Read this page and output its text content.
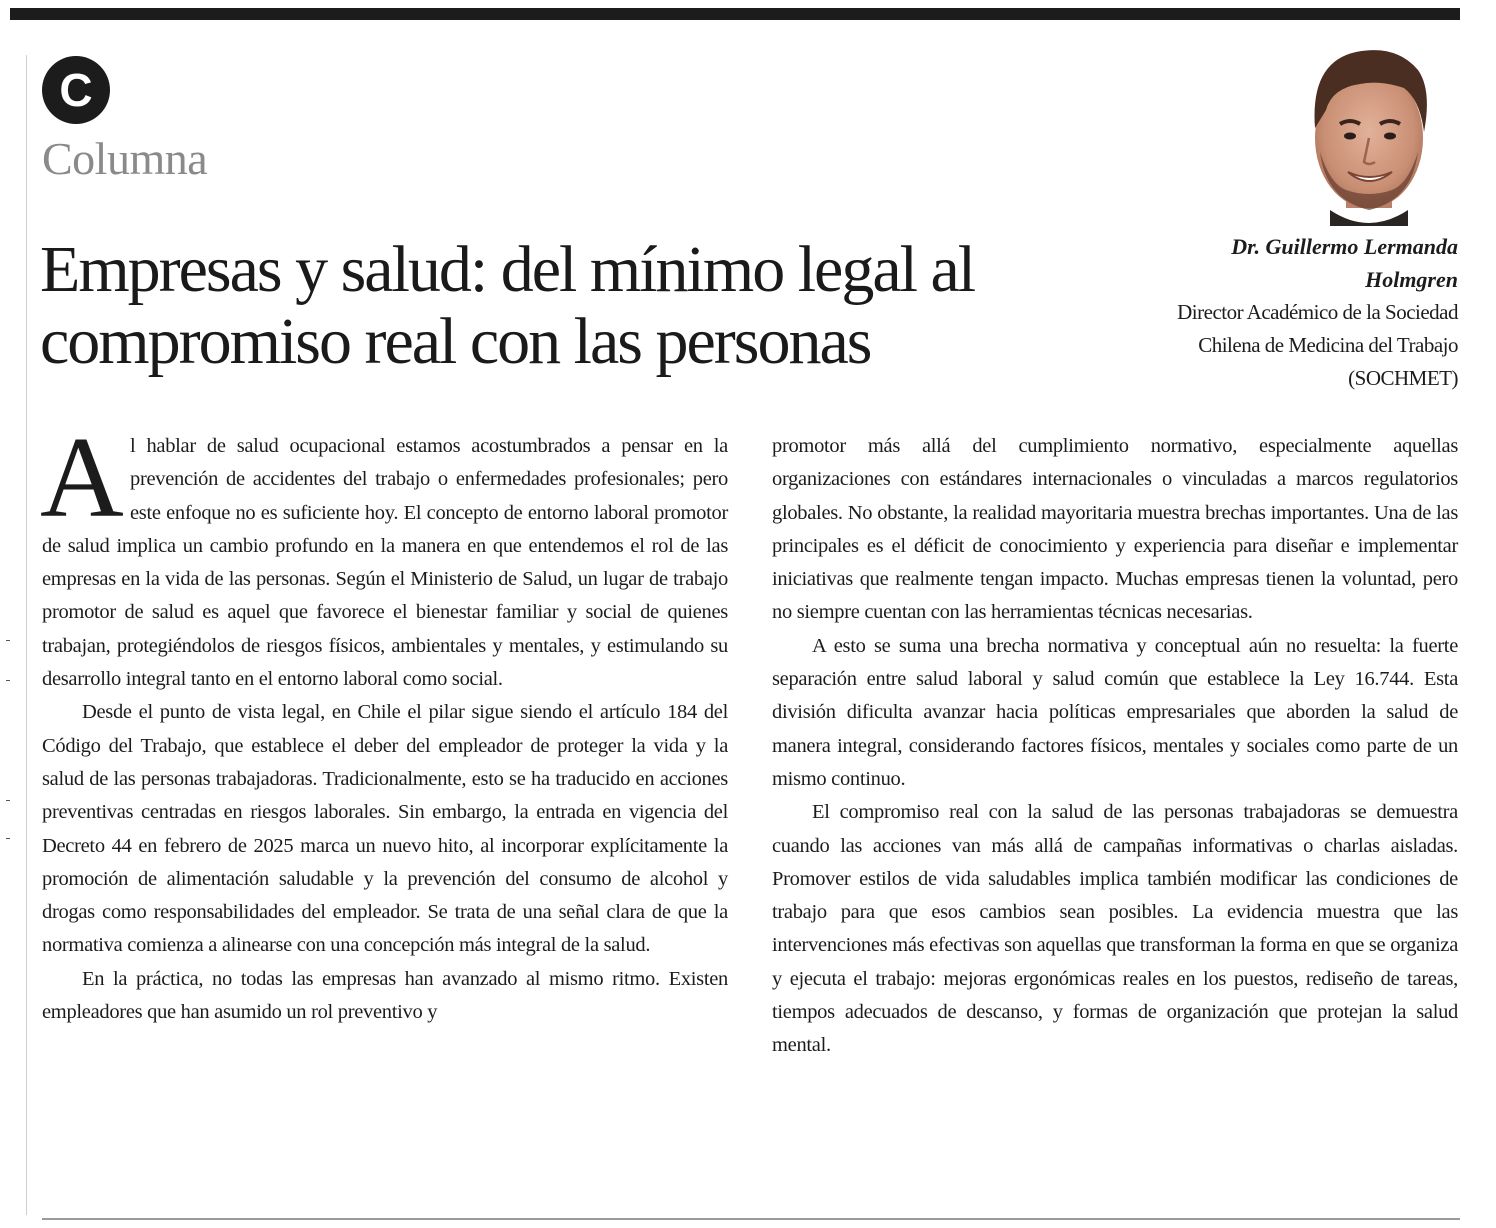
C
Columna
Empresas y salud: del mínimo legal al
compromiso real con las personas
Dr. Guillermo Lermanda
Holmgren
Director Académico de la Sociedad
Chilena de Medicina del Trabajo
(SOCHMET)

Al hablar de salud ocupacional estamos acostumbrados a pensar en la prevención de accidentes del trabajo o enfermedades profesionales; pero este enfoque no es suficiente hoy. El concepto de entorno laboral promotor de salud implica un cambio profundo en la manera en que entendemos el rol de las empresas en la vida de las personas. Según el Ministerio de Salud, un lugar de trabajo promotor de salud es aquel que favorece el bienestar familiar y social de quienes trabajan, protegiéndolos de riesgos físicos, ambientales y mentales, y estimulando su desarrollo integral tanto en el entorno laboral como social.

Desde el punto de vista legal, en Chile el pilar sigue siendo el artículo 184 del Código del Trabajo, que establece el deber del empleador de proteger la vida y la salud de las personas trabajadoras. Tradicionalmente, esto se ha traducido en acciones preventivas centradas en riesgos laborales. Sin embargo, la entrada en vigencia del Decreto 44 en febrero de 2025 marca un nuevo hito, al incorporar explícitamente la promoción de alimentación saludable y la prevención del consumo de alcohol y drogas como responsabilidades del empleador. Se trata de una señal clara de que la normativa comienza a alinearse con una concepción más integral de la salud.

En la práctica, no todas las empresas han avanzado al mismo ritmo. Existen empleadores que han asumido un rol preventivo y

promotor más allá del cumplimiento normativo, especialmente aquellas organizaciones con estándares internacionales o vinculadas a marcos regulatorios globales. No obstante, la realidad mayoritaria muestra brechas importantes. Una de las principales es el déficit de conocimiento y experiencia para diseñar e implementar iniciativas que realmente tengan impacto. Muchas empresas tienen la voluntad, pero no siempre cuentan con las herramientas técnicas necesarias.

A esto se suma una brecha normativa y conceptual aún no resuelta: la fuerte separación entre salud laboral y salud común que establece la Ley 16.744. Esta división dificulta avanzar hacia políticas empresariales que aborden la salud de manera integral, considerando factores físicos, mentales y sociales como parte de un mismo continuo.

El compromiso real con la salud de las personas trabajadoras se demuestra cuando las acciones van más allá de campañas informativas o charlas aisladas. Promover estilos de vida saludables implica también modificar las condiciones de trabajo para que esos cambios sean posibles. La evidencia muestra que las intervenciones más efectivas son aquellas que transforman la forma en que se organiza y ejecuta el trabajo: mejoras ergonómicas reales en los puestos, rediseño de tareas, tiempos adecuados de descanso, y formas de organización que protejan la salud mental.
